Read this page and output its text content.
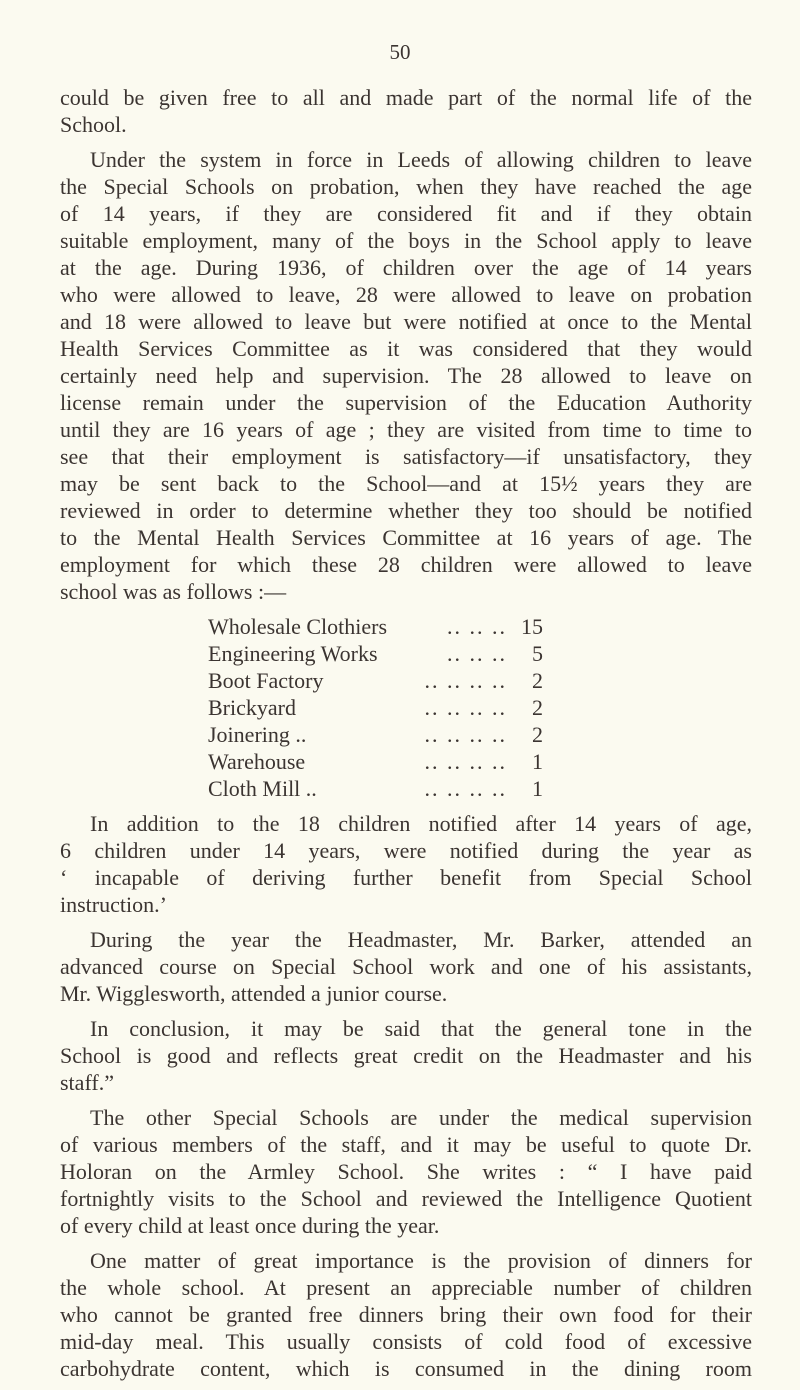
50
could be given free to all and made part of the normal life of the
School.
Under the system in force in Leeds of allowing children to leave
the Special Schools on probation, when they have reached the age
of 14 years, if they are considered fit and if they obtain
suitable employment, many of the boys in the School apply to leave
at the age. During 1936, of children over the age of 14 years
who were allowed to leave, 28 were allowed to leave on probation
and 18 were allowed to leave but were notified at once to the Mental
Health Services Committee as it was considered that they would
certainly need help and supervision. The 28 allowed to leave on
license remain under the supervision of the Education Authority
until they are 16 years of age ; they are visited from time to time to
see that their employment is satisfactory—if unsatisfactory, they
may be sent back to the School—and at 15½ years they are
reviewed in order to determine whether they too should be notified
to the Mental Health Services Committee at 16 years of age. The
employment for which these 28 children were allowed to leave
school was as follows :—
Wholesale Clothiers	.. .. .. 15
Engineering Works	.. .. ..	5
Boot Factory	.. .. .. ..	2
Brickyard	.. .. .. ..	2
Joinering ..	.. .. .. ..	2
Warehouse	.. .. .. ..	1
Cloth Mill ..	.. .. .. ..	1
In addition to the 18 children notified after 14 years of age,
6 children under 14 years, were notified during the year as
‘ incapable of deriving further benefit from Special School
instruction.’
During the year the Headmaster, Mr. Barker, attended an
advanced course on Special School work and one of his assistants,
Mr. Wigglesworth, attended a junior course.
In conclusion, it may be said that the general tone in the
School is good and reflects great credit on the Headmaster and his
staff.”
The other Special Schools are under the medical supervision
of various members of the staff, and it may be useful to quote Dr.
Holoran on the Armley School. She writes : “ I have paid
fortnightly visits to the School and reviewed the Intelligence Quotient
of every child at least once during the year.
One matter of great importance is the provision of dinners for
the whole school. At present an appreciable number of children
who cannot be granted free dinners bring their own food for their
mid-day meal. This usually consists of cold food of excessive
carbohydrate content, which is consumed in the dining room
